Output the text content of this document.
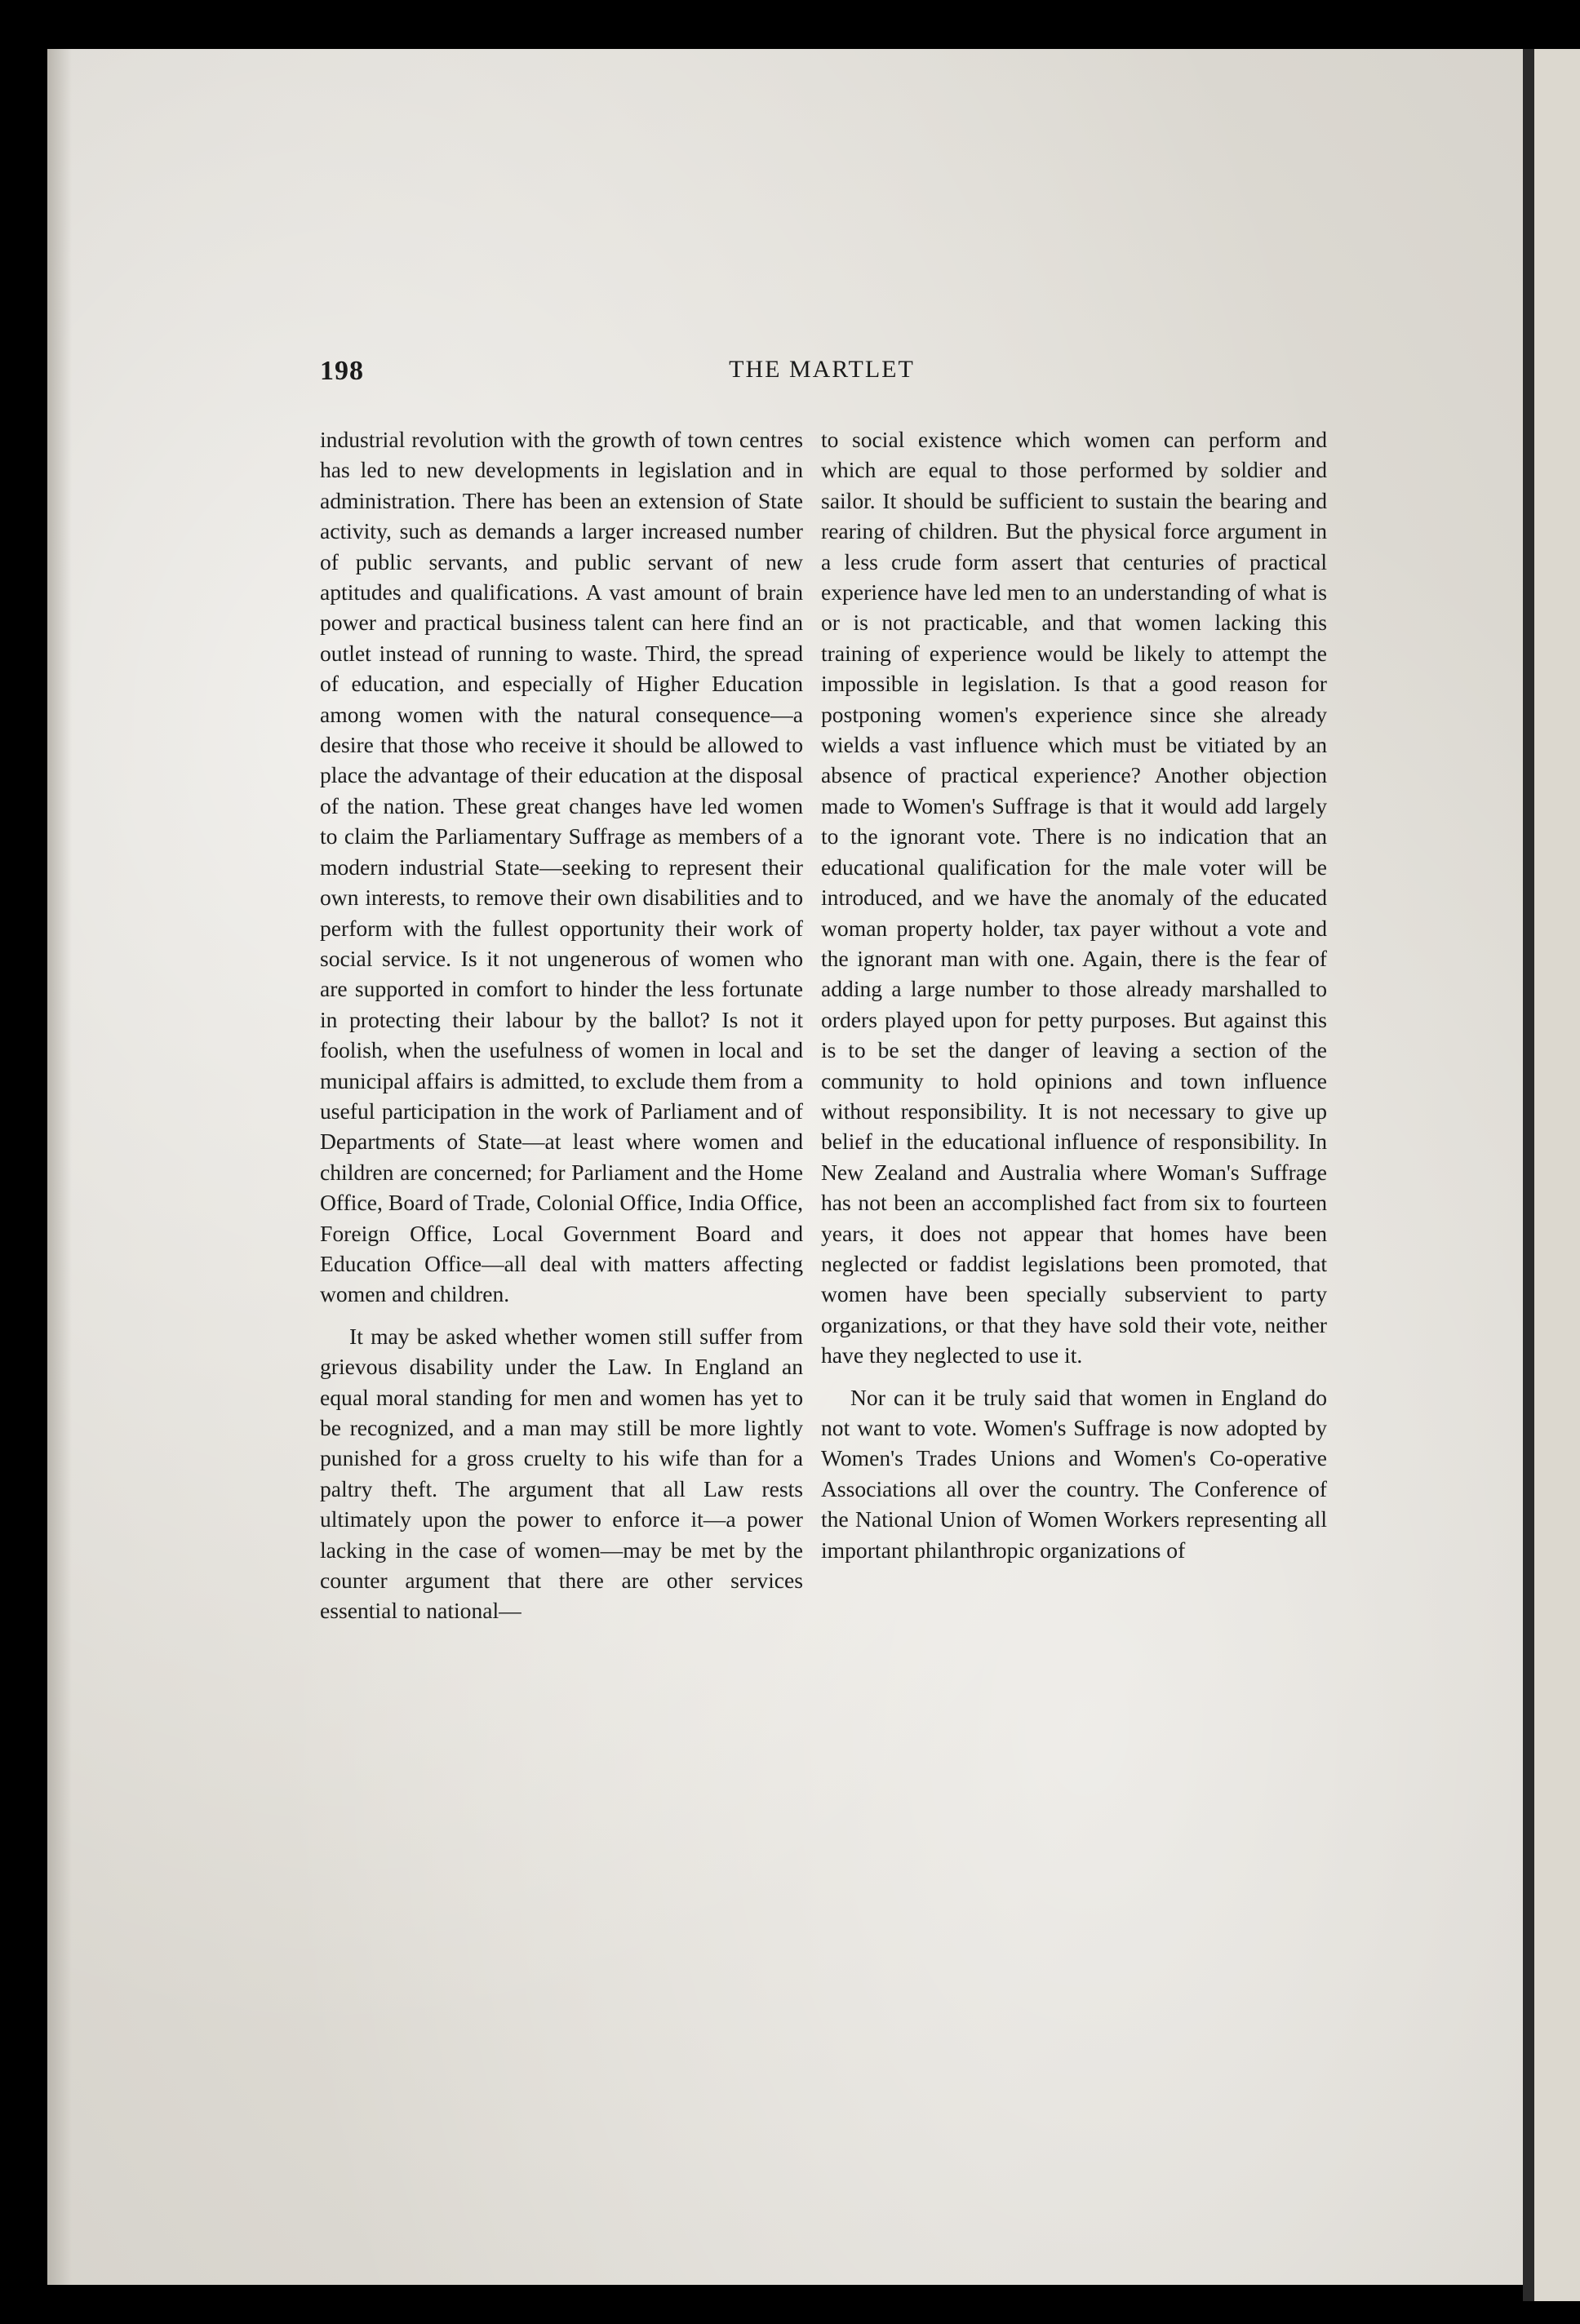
198	THE MARTLET

industrial revolution with the growth of town centres has led to new developments in legislation and in administration. There has been an extension of State activity, such as demands a larger increased number of public servants, and public servant of new aptitudes and qualifications. A vast amount of brain power and practical business talent can here find an outlet instead of running to waste. Third, the spread of education, and especially of Higher Education among women with the natural consequence—a desire that those who receive it should be allowed to place the advantage of their education at the disposal of the nation. These great changes have led women to claim the Parliamentary Suffrage as members of a modern industrial State—seeking to represent their own interests, to remove their own disabilities and to perform with the fullest opportunity their work of social service. Is it not ungenerous of women who are supported in comfort to hinder the less fortunate in protecting their labour by the ballot? Is not it foolish, when the usefulness of women in local and municipal affairs is admitted, to exclude them from a useful participation in the work of Parliament and of Departments of State—at least where women and children are concerned; for Parliament and the Home Office, Board of Trade, Colonial Office, India Office, Foreign Office, Local Government Board and Education Office—all deal with matters affecting women and children.

It may be asked whether women still suffer from grievous disability under the Law. In England an equal moral standing for men and women has yet to be recognized, and a man may still be more lightly punished for a gross cruelty to his wife than for a paltry theft. The argument that all Law rests ultimately upon the power to enforce it—a power lacking in the case of women—may be met by the counter argument that there are other services essential to national—

to social existence which women can perform and which are equal to those performed by soldier and sailor. It should be sufficient to sustain the bearing and rearing of children. But the physical force argument in a less crude form assert that centuries of practical experience have led men to an understanding of what is or is not practicable, and that women lacking this training of experience would be likely to attempt the impossible in legislation. Is that a good reason for postponing women's experience since she already wields a vast influence which must be vitiated by an absence of practical experience? Another objection made to Women's Suffrage is that it would add largely to the ignorant vote. There is no indication that an educational qualification for the male voter will be introduced, and we have the anomaly of the educated woman property holder, tax payer without a vote and the ignorant man with one. Again, there is the fear of adding a large number to those already marshalled to orders played upon for petty purposes. But against this is to be set the danger of leaving a section of the community to hold opinions and town influence without responsibility. It is not necessary to give up belief in the educational influence of responsibility. In New Zealand and Australia where Woman's Suffrage has not been an accomplished fact from six to fourteen years, it does not appear that homes have been neglected or faddist legislations been promoted, that women have been specially subservient to party organizations, or that they have sold their vote, neither have they neglected to use it.

Nor can it be truly said that women in England do not want to vote. Women's Suffrage is now adopted by Women's Trades Unions and Women's Co-operative Associations all over the country. The Conference of the National Union of Women Workers representing all important philanthropic organizations of
